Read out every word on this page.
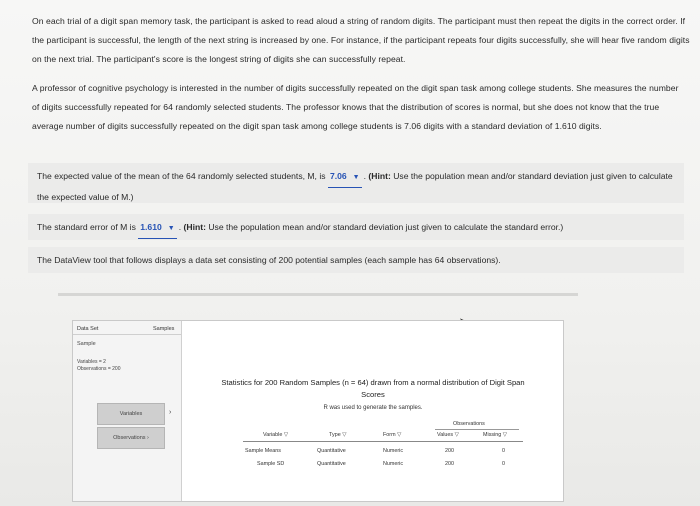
On each trial of a digit span memory task, the participant is asked to read aloud a string of random digits. The participant must then repeat the digits in the correct order. If the participant is successful, the length of the next string is increased by one. For instance, if the participant repeats four digits successfully, she will hear five random digits on the next trial. The participant's score is the longest string of digits she can successfully repeat.
A professor of cognitive psychology is interested in the number of digits successfully repeated on the digit span task among college students. She measures the number of digits successfully repeated for 64 randomly selected students. The professor knows that the distribution of scores is normal, but she does not know that the true average number of digits successfully repeated on the digit span task among college students is 7.06 digits with a standard deviation of 1.610 digits.
The expected value of the mean of the 64 randomly selected students, M, is 7.06 ▼ . (Hint: Use the population mean and/or standard deviation just given to calculate the expected value of M.)
The standard error of M is 1.610 ▼ . (Hint: Use the population mean and/or standard deviation just given to calculate the standard error.)
The DataView tool that follows displays a data set consisting of 200 potential samples (each sample has 64 observations).
Data Set	Samples
Sample
Variables = 2
Observations = 200
Variables	›
Observations ›
Statistics for 200 Random Samples (n = 64) drawn from a normal distribution of Digit Span
Scores
R was used to generate the samples.
Observations
Variable ▽	Type ▽	Form ▽	Values ▽	Missing ▽
Sample Means	Quantitative	Numeric	200	0
Sample SD	Quantitative	Numeric	200	0
